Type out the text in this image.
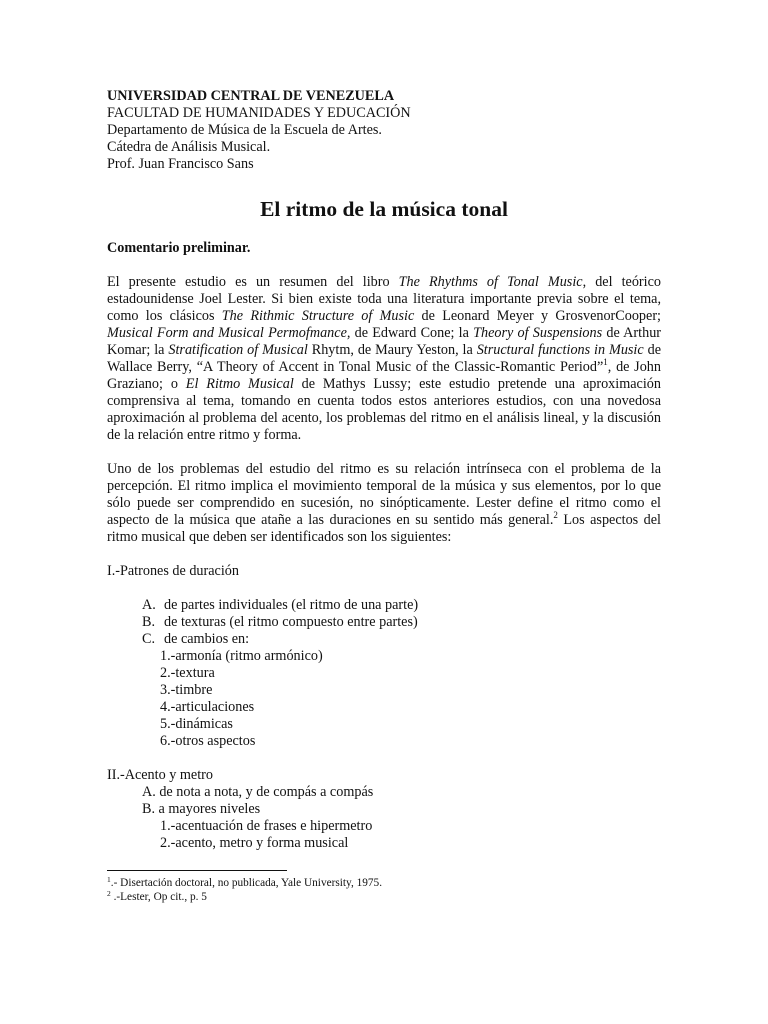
UNIVERSIDAD CENTRAL DE VENEZUELA
FACULTAD DE HUMANIDADES Y EDUCACIÓN
Departamento de Música de la Escuela de Artes.
Cátedra de Análisis Musical.
Prof. Juan Francisco Sans
El ritmo de la música tonal
Comentario preliminar.

El presente estudio es un resumen del libro The Rhythms of Tonal Music, del teórico estadounidense Joel Lester. Si bien existe toda una literatura importante previa sobre el tema, como los clásicos The Rithmic Structure of Music de Leonard Meyer y GrosvenorCooper; Musical Form and Musical Permofmance, de Edward Cone; la Theory of Suspensions de Arthur Komar; la Stratification of Musical Rhytm, de Maury Yeston, la Structural functions in Music de Wallace Berry, “A Theory of Accent in Tonal Music of the Classic-Romantic Period”$^1$, de John Graziano; o El Ritmo Musical de Mathys Lussy; este estudio pretende una aproximación comprensiva al tema, tomando en cuenta todos estos anteriores estudios, con una novedosa aproximación al problema del acento, los problemas del ritmo en el análisis lineal, y la discusión de la relación entre ritmo y forma.

Uno de los problemas del estudio del ritmo es su relación intrínseca con el problema de la percepción. El ritmo implica el movimiento temporal de la música y sus elementos, por lo que sólo puede ser comprendido en sucesión, no sinópticamente. Lester define el ritmo como el aspecto de la música que atañe a las duraciones en su sentido más general.$^2$ Los aspectos del ritmo musical que deben ser identificados son los siguientes:

I.-Patrones de duración
A. de partes individuales (el ritmo de una parte)
B. de texturas (el ritmo compuesto entre partes)
C. de cambios en:
1.-armonía (ritmo armónico)
2.-textura
3.-timbre
4.-articulaciones
5.-dinámicas
6.-otros aspectos
II.-Acento y metro
A. de nota a nota, y de compás a compás
B. a mayores niveles
1.-acentuación de frases e hipermetro
2.-acento, metro y forma musical
$^1$.- Disertación doctoral, no publicada, Yale University, 1975.
$^2$ .-Lester, Op cit., p. 5
